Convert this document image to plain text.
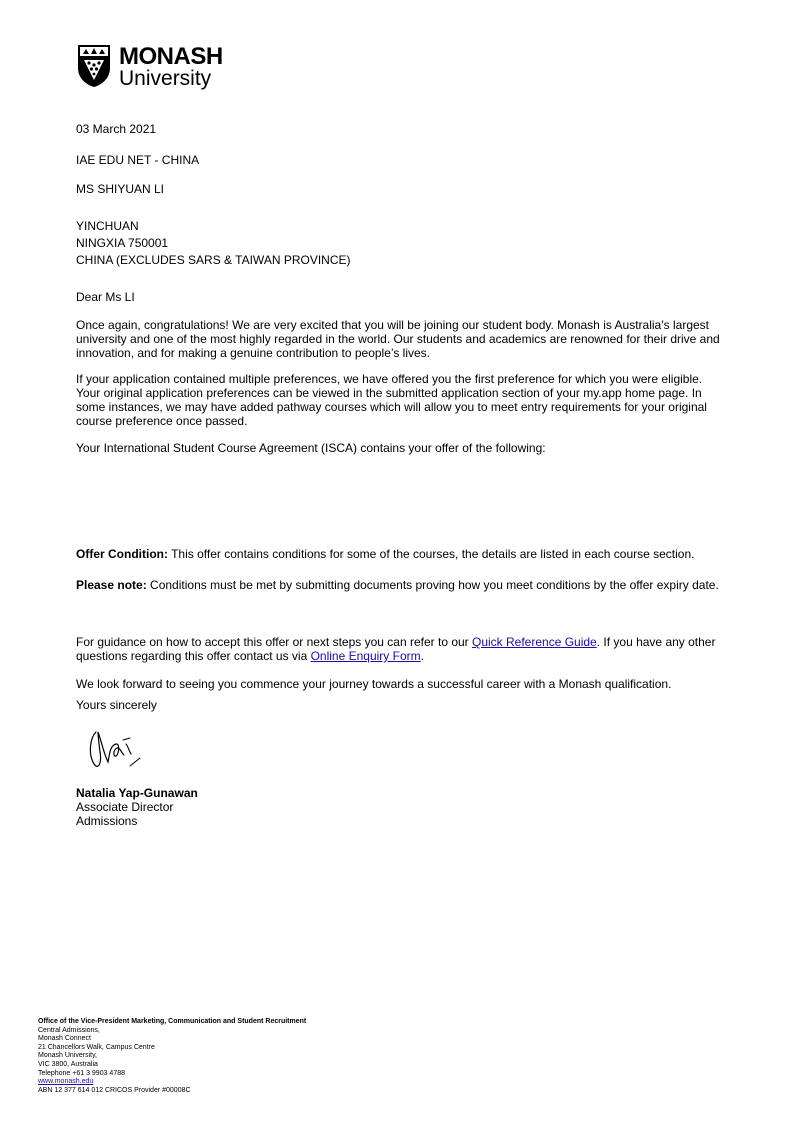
MONASH
University
03 March 2021
IAE EDU NET - CHINA
MS SHIYUAN LI
YINCHUAN
NINGXIA 750001
CHINA (EXCLUDES SARS & TAIWAN PROVINCE)
Dear Ms LI
Once again, congratulations! We are very excited that you will be joining our student body. Monash is Australia’s largest university and one of the most highly regarded in the world. Our students and academics are renowned for their drive and innovation, and for making a genuine contribution to people’s lives.
If your application contained multiple preferences, we have offered you the first preference for which you were eligible. Your original application preferences can be viewed in the submitted application section of your my.app home page. In some instances, we may have added pathway courses which will allow you to meet entry requirements for your original course preference once passed.
Your International Student Course Agreement (ISCA) contains your offer of the following:
Offer Condition: This offer contains conditions for some of the courses, the details are listed in each course section.
Please note: Conditions must be met by submitting documents proving how you meet conditions by the offer expiry date.
For guidance on how to accept this offer or next steps you can refer to our Quick Reference Guide. If you have any other questions regarding this offer contact us via Online Enquiry Form.
We look forward to seeing you commence your journey towards a successful career with a Monash qualification.
Yours sincerely
Natalia Yap-Gunawan
Associate Director
Admissions
Office of the Vice-President Marketing, Communication and Student Recruitment
Central Admissions,
Monash Connect
21 Chancellors Walk, Campus Centre
Monash University,
VIC 3800, Australia
Telephone +61 3 9903 4788
www.monash.edu
ABN 12 377 614 012 CRICOS Provider #00008C
